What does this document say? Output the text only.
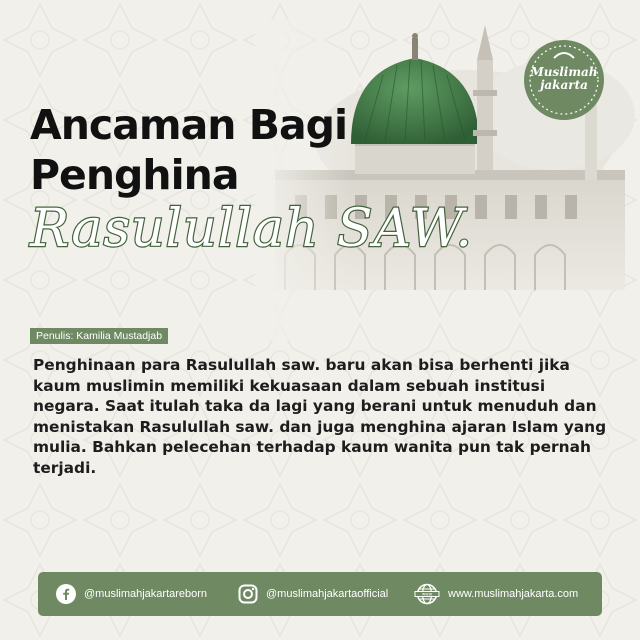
Muslimah
jakarta
Ancaman Bagi
Penghina
Rasulullah SAW.
Penulis: Kamilia Mustadjab

Penghinaan para Rasulullah saw. baru akan bisa berhenti jika kaum muslimin memiliki kekuasaan dalam sebuah institusi negara. Saat itulah taka da lagi yang berani untuk menuduh dan menistakan Rasulullah saw. dan juga menghina ajaran Islam yang mulia. Bahkan pelecehan terhadap kaum wanita pun tak pernah terjadi.

@muslimahjakartareborn	@muslimahjakartaofficial	www www.muslimahjakarta.com
